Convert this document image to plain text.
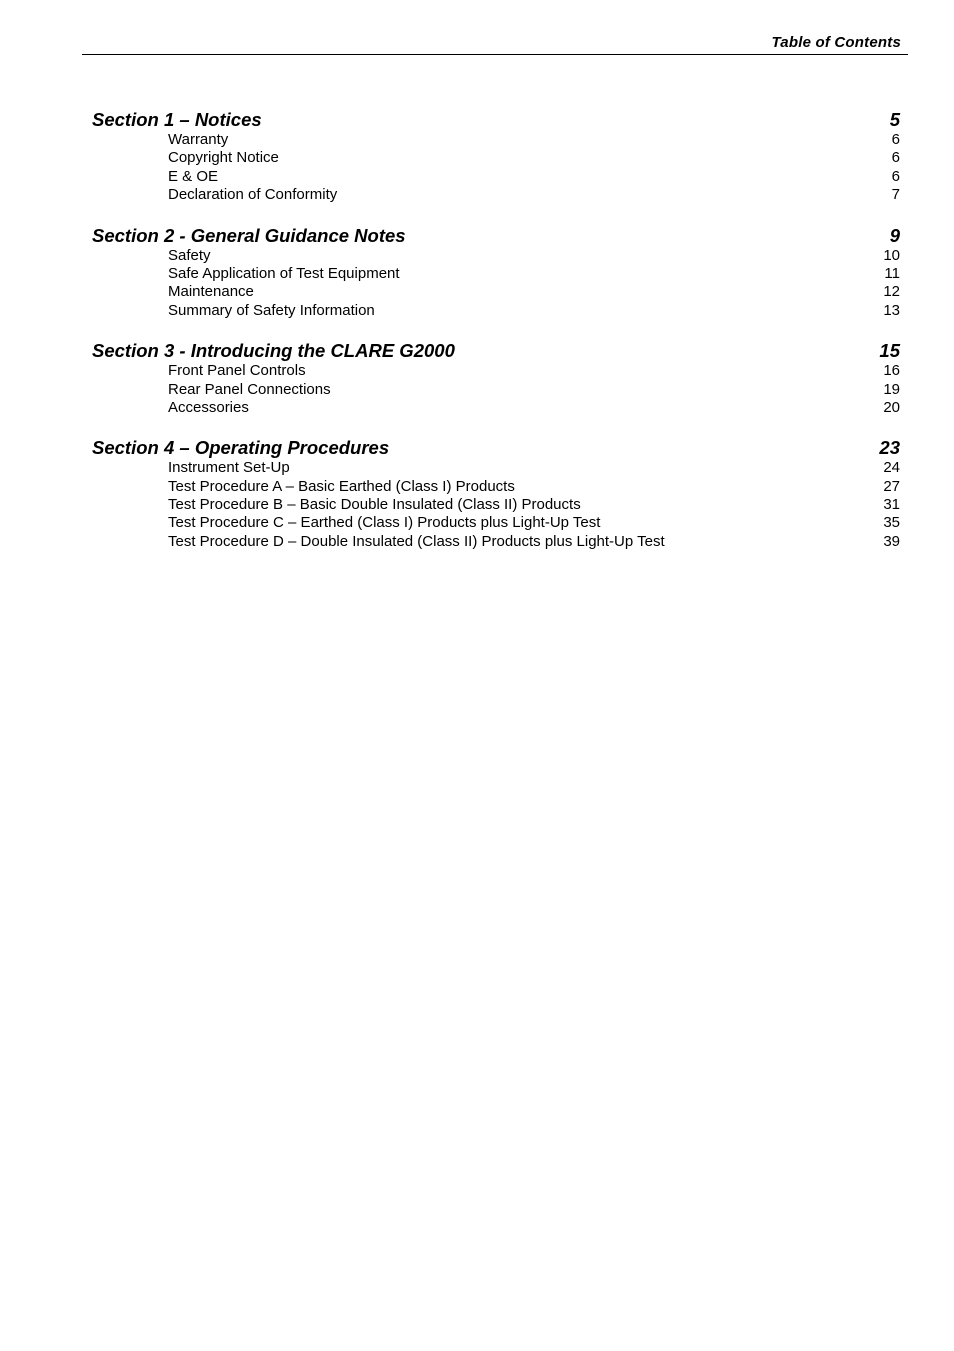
Table of Contents
Section 1 – Notices	5
Warranty	6
Copyright Notice	6
E & OE	6
Declaration of Conformity	7
Section 2 - General Guidance Notes	9
Safety	10
Safe Application of Test Equipment	11
Maintenance	12
Summary of Safety Information	13
Section 3 - Introducing the CLARE G2000	15
Front Panel Controls	16
Rear Panel Connections	19
Accessories	20
Section 4 – Operating Procedures	23
Instrument Set-Up	24
Test Procedure A – Basic Earthed (Class I) Products	27
Test Procedure B – Basic Double Insulated (Class II) Products	31
Test Procedure C – Earthed (Class I) Products plus Light-Up Test	35
Test Procedure D – Double Insulated (Class II) Products plus Light-Up Test	39
